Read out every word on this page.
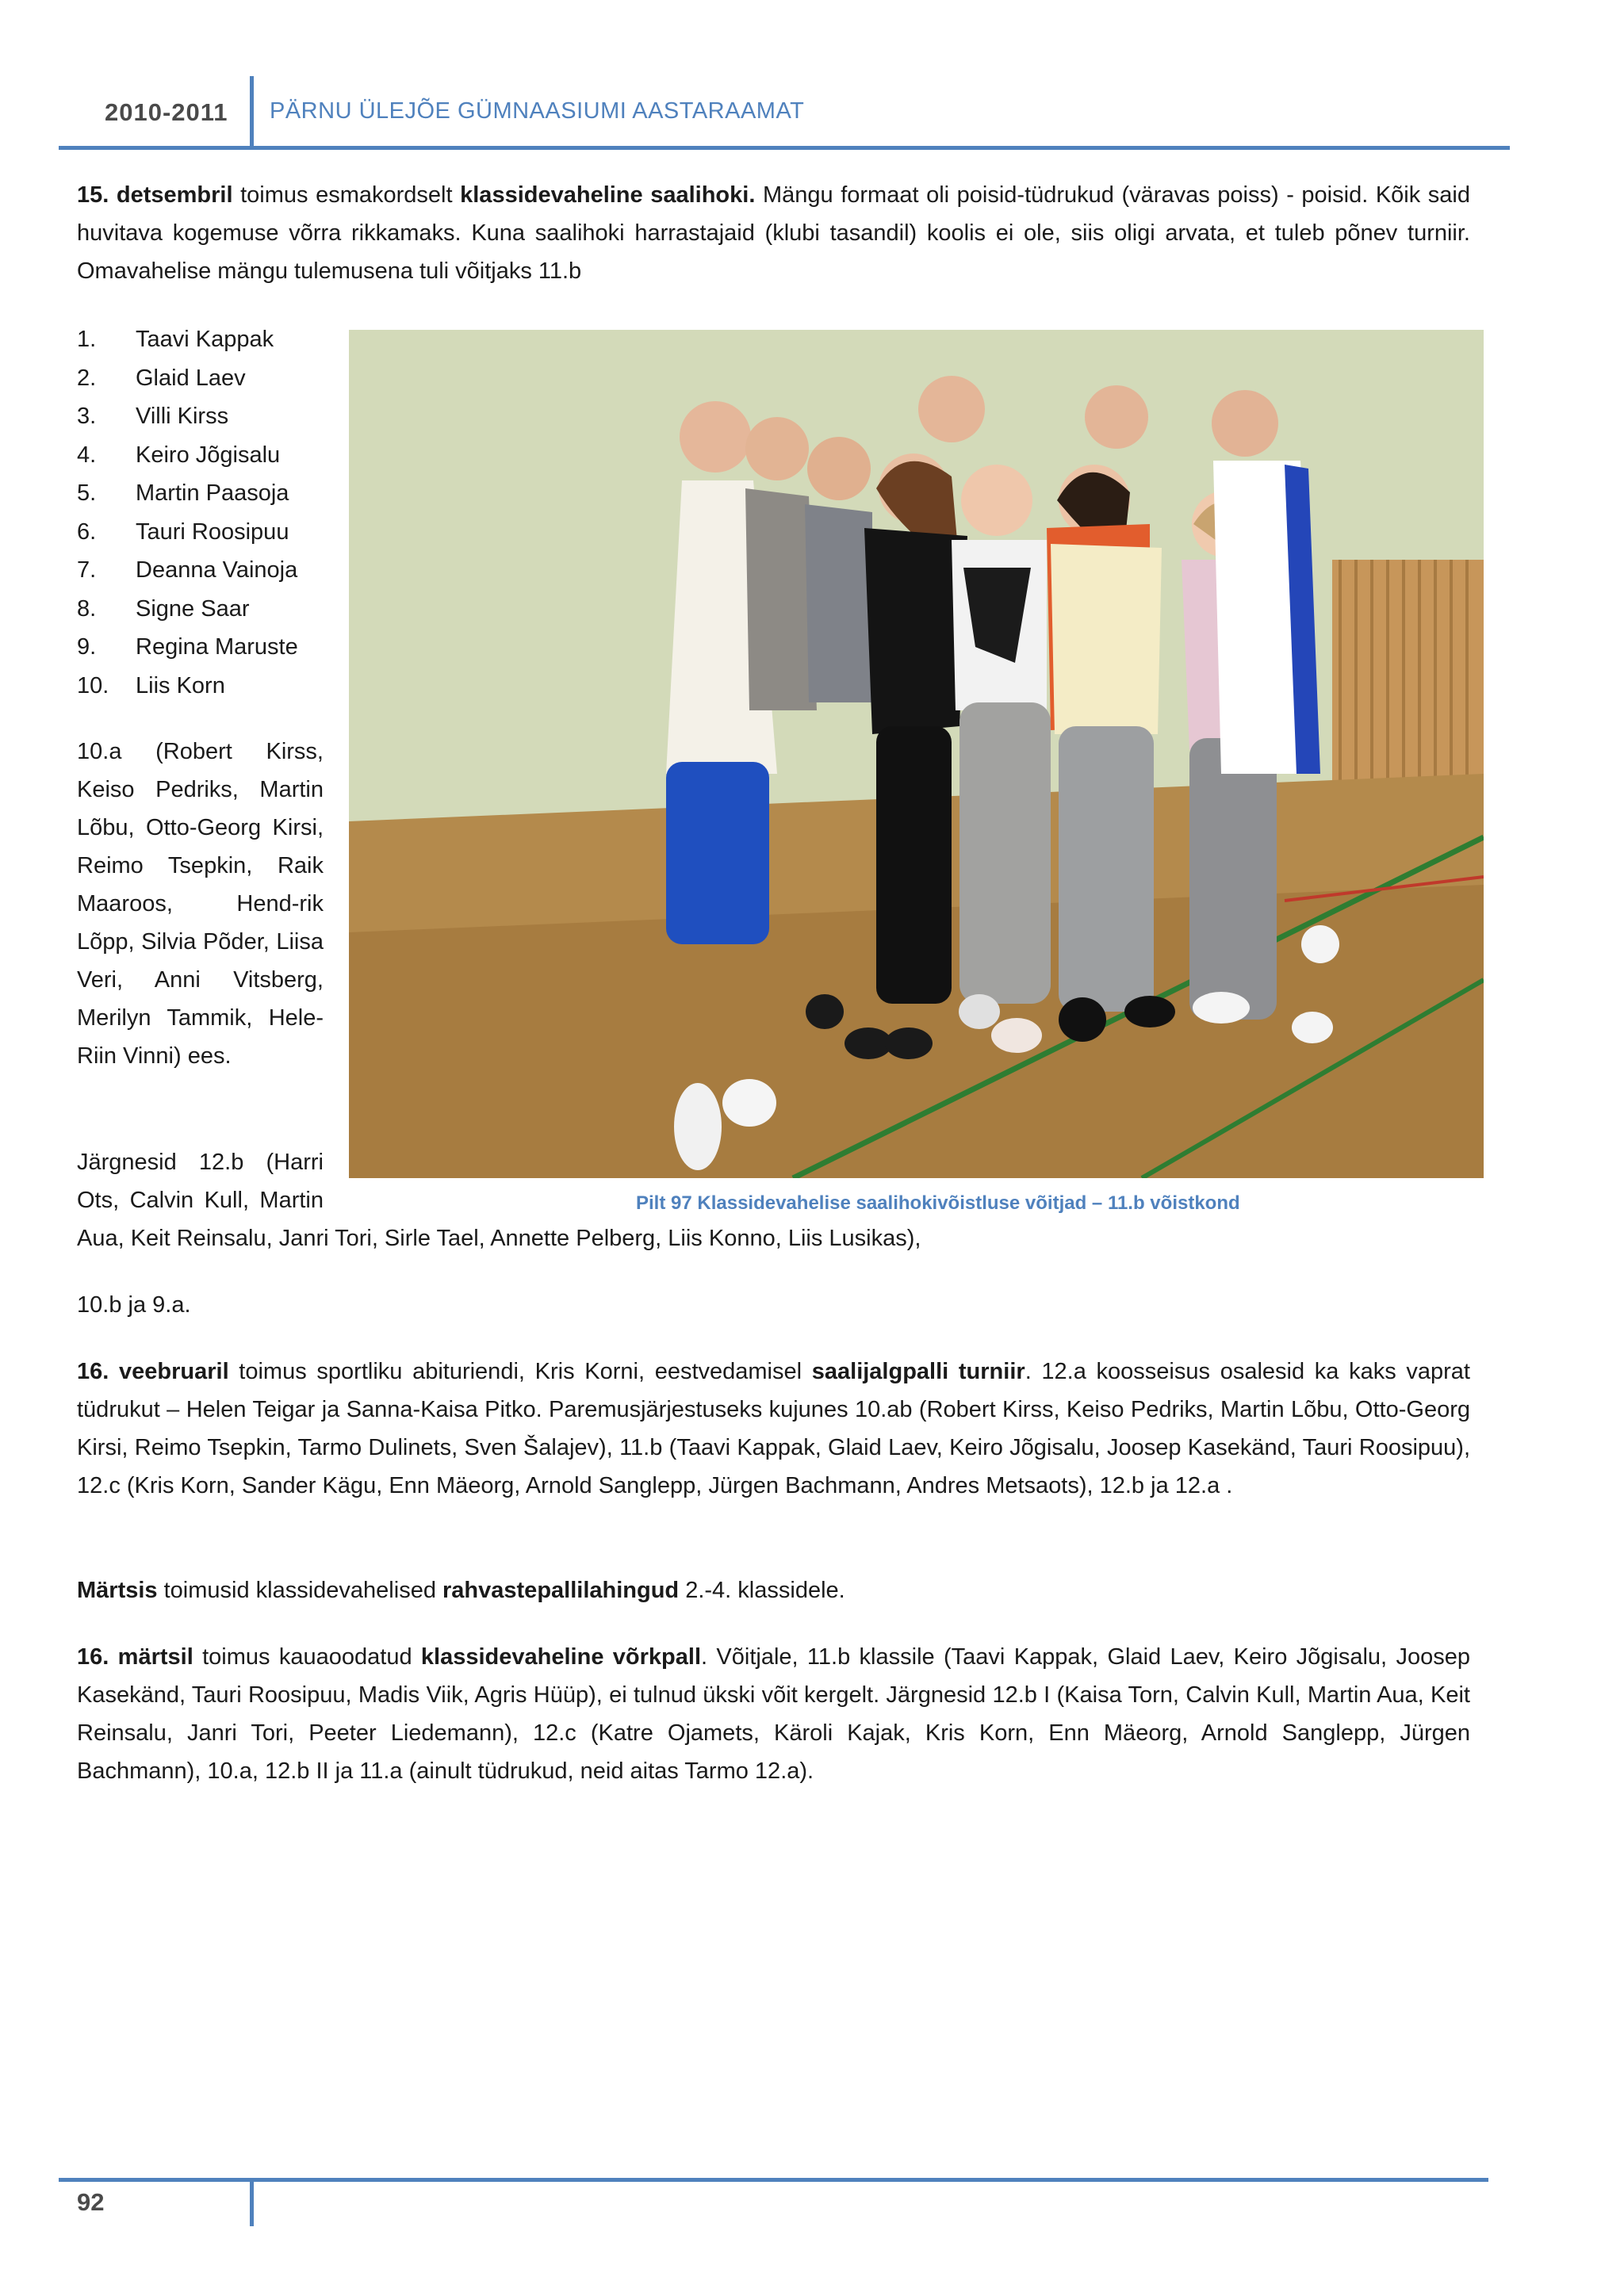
2010-2011 PÄRNU ÜLEJÕE GÜMNAASIUMI AASTARAAMAT

15. detsembril toimus esmakordselt klassidevaheline saalihoki. Mängu formaat oli poisid-tüdrukud (väravas poiss) - poisid. Kõik said huvitava kogemuse võrra rikkamaks. Kuna saalihoki harrastajaid (klubi tasandil) koolis ei ole, siis oligi arvata, et tuleb põnev turniir. Omavahelise mängu tulemusena tuli võitjaks 11.b

1. Taavi Kappak
2. Glaid Laev
3. Villi Kirss
4. Keiro Jõgisalu
5. Martin Paasoja
6. Tauri Roosipuu
7. Deanna Vainoja
8. Signe Saar
9. Regina Maruste
10. Liis Korn

10.a (Robert Kirss, Keiso Pedriks, Martin Lõbu, Otto-Georg Kirsi, Reimo Tsepkin, Raik Maaroos, Hend-rik Lõpp, Silvia Põder, Liisa Veri, Anni Vitsberg, Merilyn Tammik, Hele-Riin Vinni) ees.

Järgnesid 12.b (Harri Ots, Calvin Kull, Martin	Pilt 97 Klassidevahelise saalihokivõistluse võitjad – 11.b võistkond

Aua, Keit Reinsalu, Janri Tori, Sirle Tael, Annette Pelberg, Liis Konno, Liis Lusikas),

10.b ja 9.a.

16. veebruaril toimus sportliku abituriendi, Kris Korni, eestvedamisel saalijalgpalli turniir. 12.a koosseisus osalesid ka kaks vaprat tüdrukut – Helen Teigar ja Sanna-Kaisa Pitko. Paremusjärjestuseks kujunes 10.ab (Robert Kirss, Keiso Pedriks, Martin Lõbu, Otto-Georg Kirsi, Reimo Tsepkin, Tarmo Dulinets, Sven Šalajev), 11.b (Taavi Kappak, Glaid Laev, Keiro Jõgisalu, Joosep Kasekänd, Tauri Roosipuu), 12.c (Kris Korn, Sander Kägu, Enn Mäeorg, Arnold Sanglepp, Jürgen Bachmann, Andres Metsaots), 12.b ja 12.a .

Märtsis toimusid klassidevahelised rahvastepallilahingud 2.-4. klassidele.

16. märtsil toimus kauaoodatud klassidevaheline võrkpall. Võitjale, 11.b klassile (Taavi Kappak, Glaid Laev, Keiro Jõgisalu, Joosep Kasekänd, Tauri Roosipuu, Madis Viik, Agris Hüüp), ei tulnud ükski võit kergelt. Järgnesid 12.b I (Kaisa Torn, Calvin Kull, Martin Aua, Keit Reinsalu, Janri Tori, Peeter Liedemann), 12.c (Katre Ojamets, Käroli Kajak, Kris Korn, Enn Mäeorg, Arnold Sanglepp, Jürgen Bachmann), 10.a, 12.b II ja 11.a (ainult tüdrukud, neid aitas Tarmo 12.a).

92
